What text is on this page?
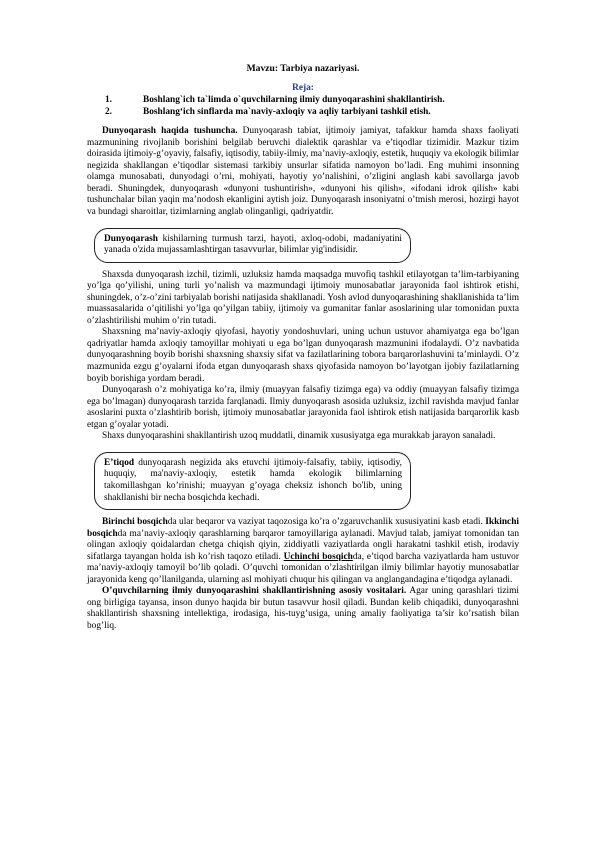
Mavzu: Tarbiya nazariyasi.
Reja:
1.	Boshlang`ich ta`limda o`quvchilarning ilmiy dunyoqarashini shakllantirish.
2.	Boshlang‘ich sinflarda ma`naviy-axloqiy va aqliy tarbiyani tashkil etish.

Dunyoqarash haqida tushuncha. Dunyoqarash tabiat, ijtimoiy jamiyat, tafakkur hamda shaxs faoliyati mazmunining rivojlanib borishini belgilab beruvchi dialektik qarashlar va e’tiqodlar tizimidir. Mazkur tizim doirasida ijtimoiy-g’oyaviy, falsafiy, iqtisodiy, tabiiy-ilmiy, ma’naviy-axloqiy, estetik, huquqiy va ekologik bilimlar negizida shakllangan e’tiqodlar sistemasi tarkibiy unsurlar sifatida namoyon bo’ladi. Eng muhimi insonning olamga munosabati, dunyodagi o’rni, mohiyati, hayotiy yo’nalishini, o’zligini anglash kabi savollarga javob beradi. Shuningdek, dunyoqarash «dunyoni tushuntirish», «dunyoni his qilish», «ifodani idrok qilish» kabi tushunchalar bilan yaqin ma’nodosh ekanligini aytish joiz. Dunyoqarash insoniyatni o’tmish merosi, hozirgi hayot va bundagi sharoitlar, tizimlarning anglab olinganligi, qadriyatdir.

Dunyoqarash kishilarning turmush tarzi, hayoti, axloq-odobi, madaniyatini yanada o'zida mujassamlashtirgan tasavvurlar, bilimlar yig'indisidir.

Shaxsda dunyoqarash izchil, tizimli, uzluksiz hamda maqsadga muvofiq tashkil etilayotgan ta’lim-tarbiyaning yo’lga qo’yilishi, uning turli yo’nalish va mazmundagi ijtimoiy munosabatlar jarayonida faol ishtirok etishi, shuningdek, o’z-o’zini tarbiyalab borishi natijasida shakllanadi. Yosh avlod dunyoqarashining shakllanishida ta’lim muassasalarida o’qitilishi yo’lga qo’yilgan tabiiy, ijtimoiy va gumanitar fanlar asoslarining ular tomonidan puxta o’zlashtirilishi muhim o’rin tutadi.

Shaxsning ma’naviy-axloqiy qiyofasi, hayotiy yondoshuvlari, uning uchun ustuvor ahamiyatga ega bo’lgan qadriyatlar hamda axloqiy tamoyillar mohiyati u ega bo’lgan dunyoqarash mazmunini ifodalaydi. O’z navbatida dunyoqarashning boyib borishi shaxsning shaxsiy sifat va fazilatlarining tobora barqarorlashuvini ta’minlaydi. O’z mazmunida ezgu g’oyalarni ifoda etgan dunyoqarash shaxs qiyofasida namoyon bo’layotgan ijobiy fazilatlarning boyib borishiga yordam beradi.

Dunyoqarash o’z mohiyatiga ko’ra, ilmiy (muayyan falsafiy tizimga ega) va oddiy (muayyan falsafiy tizimga ega bo’lmagan) dunyoqarash tarzida farqlanadi. Ilmiy dunyoqarash asosida uzluksiz, izchil ravishda mavjud fanlar asoslarini puxta o’zlashtirib borish, ijtimoiy munosabatlar jarayonida faol ishtirok etish natijasida barqarorlik kasb etgan g’oyalar yotadi.

Shaxs dunyoqarashini shakllantirish uzoq muddatli, dinamik xususiyatga ega murakkab jarayon sanaladi.

E’tiqod dunyoqarash negizida aks etuvchi ijtimoiy-falsafiy, tabiiy, iqtisodiy, huquqiy, ma'naviy-axloqiy, estetik hamda ekologik bilimlarning takomillashgan ko’rinishi; muayyan g’oyaga cheksiz ishonch bo'lib, uning shakllanishi bir necha bosqichda kechadi.

Birinchi bosqichda ular beqaror va vaziyat taqozosiga ko’ra o’zgaruvchanlik xususiyatini kasb etadi. Ikkinchi bosqichda ma’naviy-axloqiy qarashlarning barqaror tamoyillariga aylanadi. Mavjud talab, jamiyat tomonidan tan olingan axloqiy qoidalardan chetga chiqish qiyin, ziddiyatli vaziyatlarda ongli harakatni tashkil etish, irodaviy sifatlarga tayangan holda ish ko’rish taqozo etiladi. Uchinchi bosqichda, e’tiqod barcha vaziyatlarda ham ustuvor ma’naviy-axloqiy tamoyil bo’lib qoladi. O’quvchi tomonidan o’zlashtirilgan ilmiy bilimlar hayotiy munosabatlar jarayonida keng qo’llanilganda, ularning asl mohiyati chuqur his qilingan va anglangandagina e’tiqodga aylanadi.

O’quvchilarning ilmiy dunyoqarashini shakllantirishning asosiy vositalari. Agar uning qarashlari tizimi ong birligiga tayansa, inson dunyo haqida bir butun tasavvur hosil qiladi. Bundan kelib chiqadiki, dunyoqarashni shakllantirish shaxsning intellektiga, irodasiga, his-tuyg’usiga, uning amaliy faoliyatiga ta’sir ko’rsatish bilan bog’liq.
